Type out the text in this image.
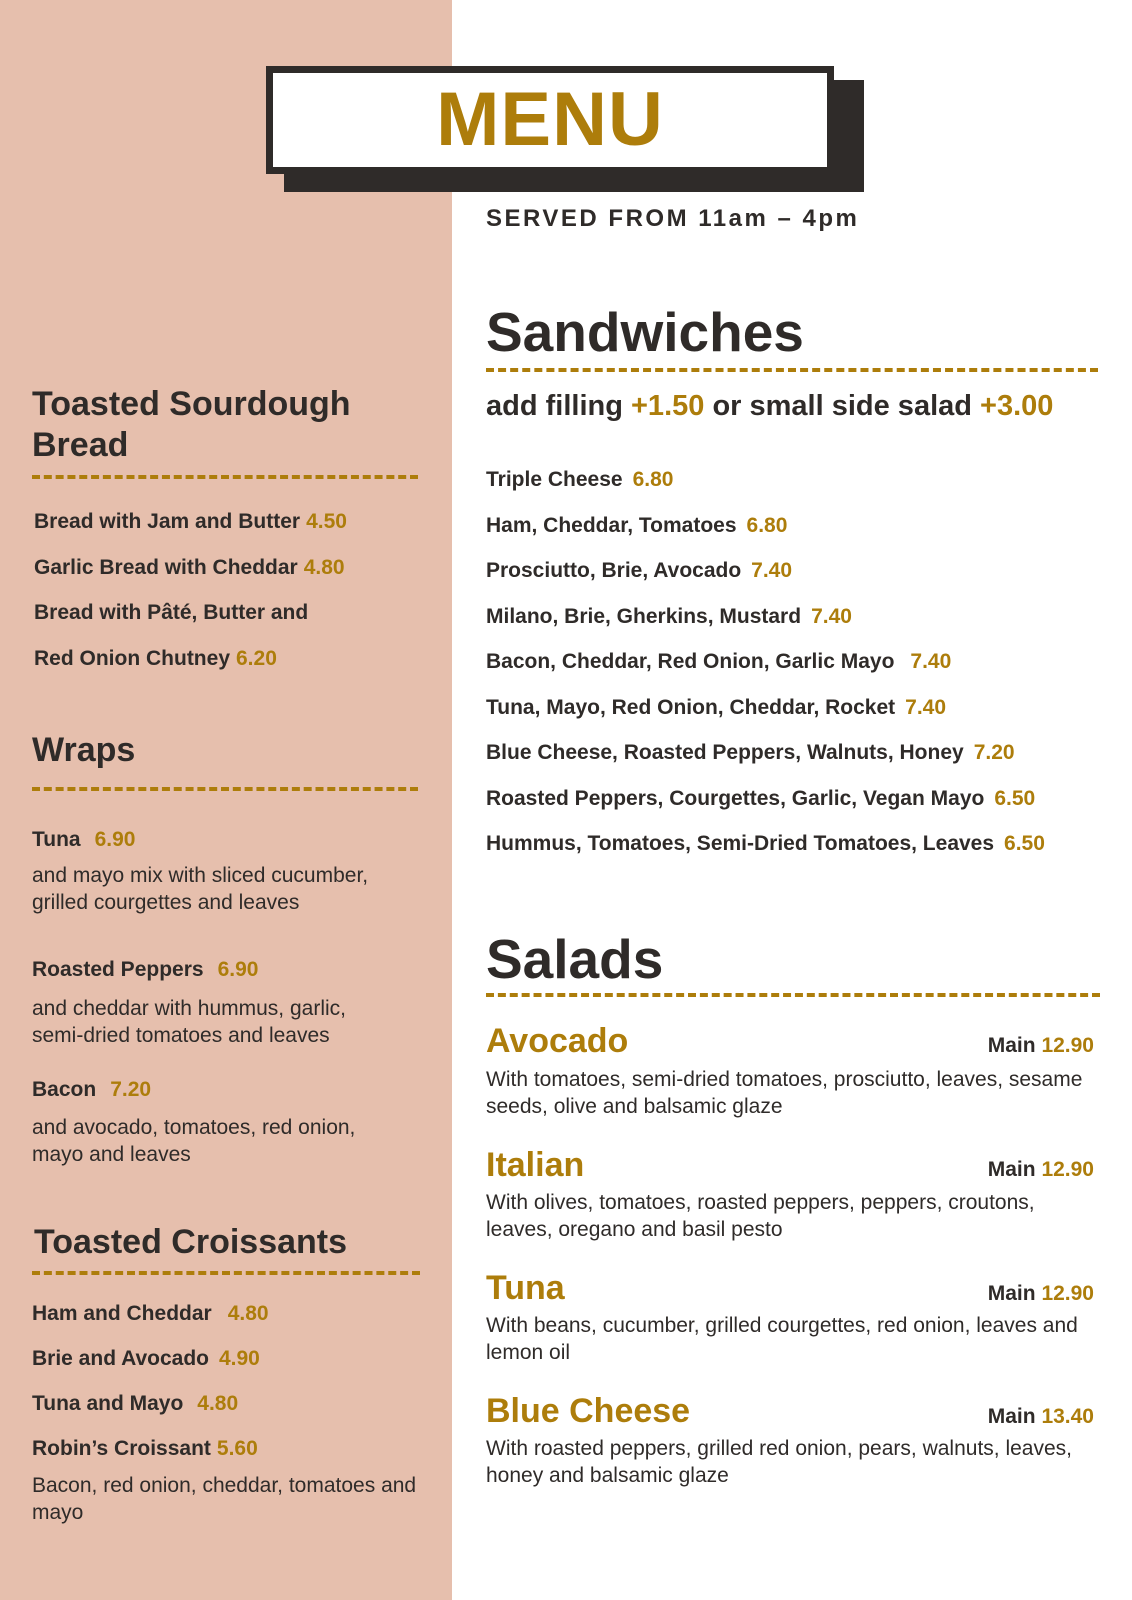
MENU
SERVED FROM 11am – 4pm
Toasted Sourdough
Bread
Bread with Jam and Butter 4.50
Garlic Bread with Cheddar 4.80
Bread with Pâté, Butter and
Red Onion Chutney 6.20
Wraps
Tuna 6.90
and mayo mix with sliced cucumber, grilled courgettes and leaves
Roasted Peppers 6.90
and cheddar with hummus, garlic, semi-dried tomatoes and leaves
Bacon 7.20
and avocado, tomatoes, red onion, mayo and leaves
Toasted Croissants
Ham and Cheddar 4.80
Brie and Avocado 4.90
Tuna and Mayo 4.80
Robin’s Croissant 5.60
Bacon, red onion, cheddar, tomatoes and mayo
Sandwiches
add filling +1.50 or small side salad +3.00
Triple Cheese 6.80
Ham, Cheddar, Tomatoes 6.80
Prosciutto, Brie, Avocado 7.40
Milano, Brie, Gherkins, Mustard 7.40
Bacon, Cheddar, Red Onion, Garlic Mayo 7.40
Tuna, Mayo, Red Onion, Cheddar, Rocket 7.40
Blue Cheese, Roasted Peppers, Walnuts, Honey 7.20
Roasted Peppers, Courgettes, Garlic, Vegan Mayo 6.50
Hummus, Tomatoes, Semi-Dried Tomatoes, Leaves 6.50
Salads
Avocado	Main 12.90
With tomatoes, semi-dried tomatoes, prosciutto, leaves, sesame seeds, olive and balsamic glaze
Italian	Main 12.90
With olives, tomatoes, roasted peppers, peppers, croutons, leaves, oregano and basil pesto
Tuna	Main 12.90
With beans, cucumber, grilled courgettes, red onion, leaves and lemon oil
Blue Cheese	Main 13.40
With roasted peppers, grilled red onion, pears, walnuts, leaves, honey and balsamic glaze
